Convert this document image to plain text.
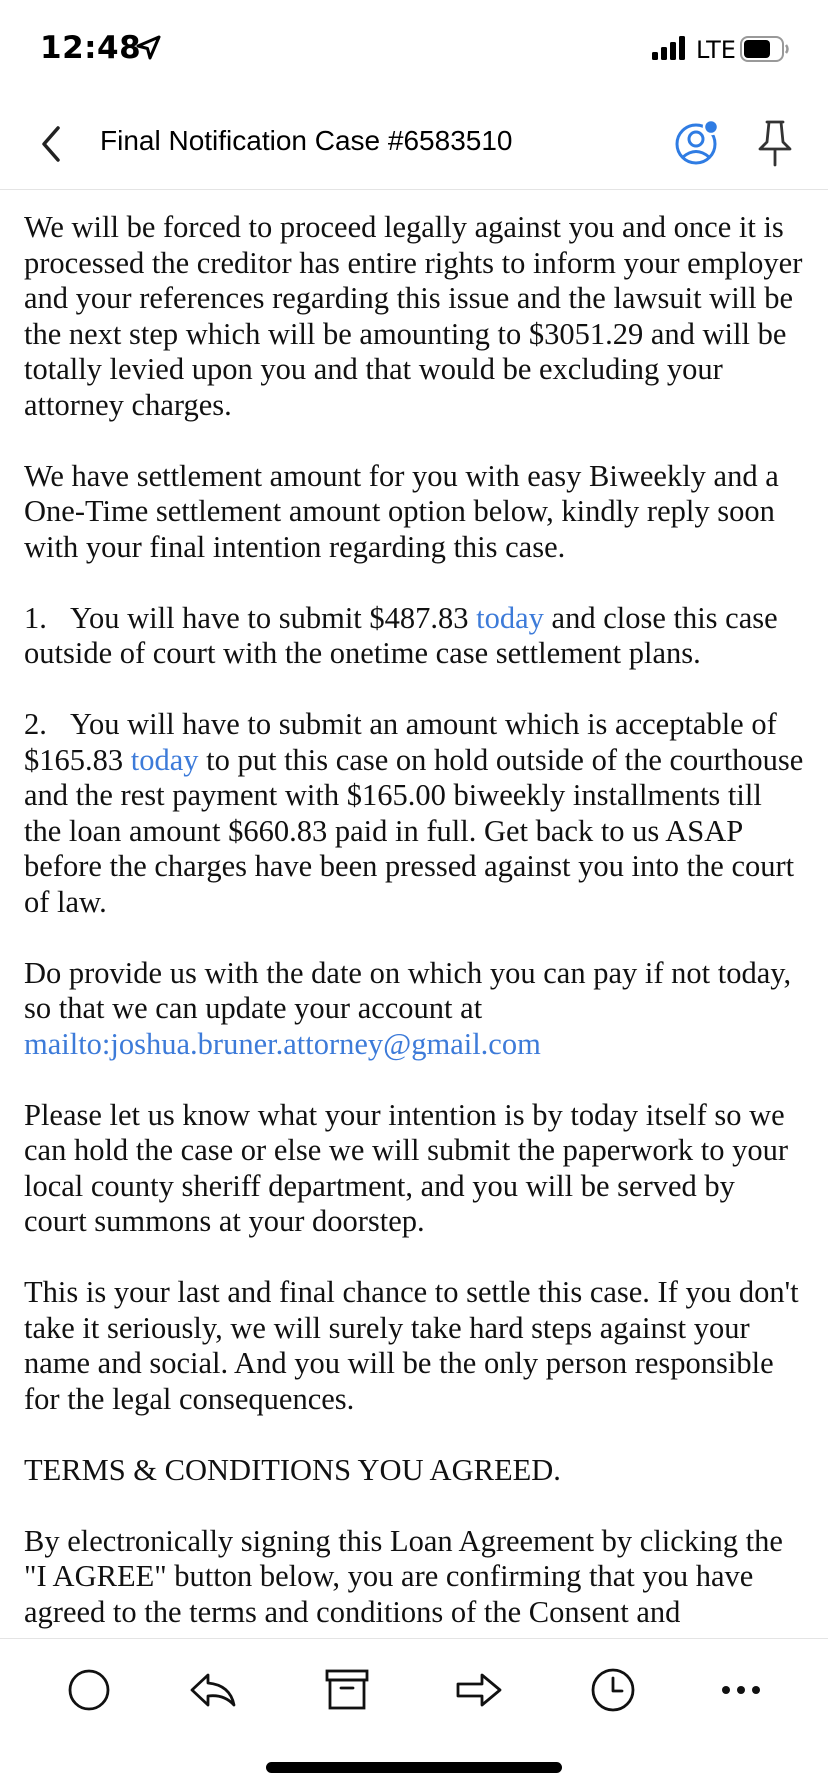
12:48	LTE
Final Notification Case #6583510

We will be forced to proceed legally against you and once it is processed the creditor has entire rights to inform your employer and your references regarding this issue and the lawsuit will be the next step which will be amounting to $3051.29 and will be totally levied upon you and that would be excluding your attorney charges.

We have settlement amount for you with easy Biweekly and a One-Time settlement amount option below, kindly reply soon with your final intention regarding this case.

1. You will have to submit $487.83 today and close this case outside of court with the onetime case settlement plans.

2. You will have to submit an amount which is acceptable of $165.83 today to put this case on hold outside of the courthouse and the rest payment with $165.00 biweekly installments till the loan amount $660.83 paid in full. Get back to us ASAP before the charges have been pressed against you into the court of law.

Do provide us with the date on which you can pay if not today, so that we can update your account at mailto:joshua.bruner.attorney@gmail.com

Please let us know what your intention is by today itself so we can hold the case or else we will submit the paperwork to your local county sheriff department, and you will be served by court summons at your doorstep.

This is your last and final chance to settle this case. If you don't take it seriously, we will surely take hard steps against your name and social. And you will be the only person responsible for the legal consequences.

TERMS & CONDITIONS YOU AGREED.

By electronically signing this Loan Agreement by clicking the "I AGREE" button below, you are confirming that you have agreed to the terms and conditions of the Consent and
